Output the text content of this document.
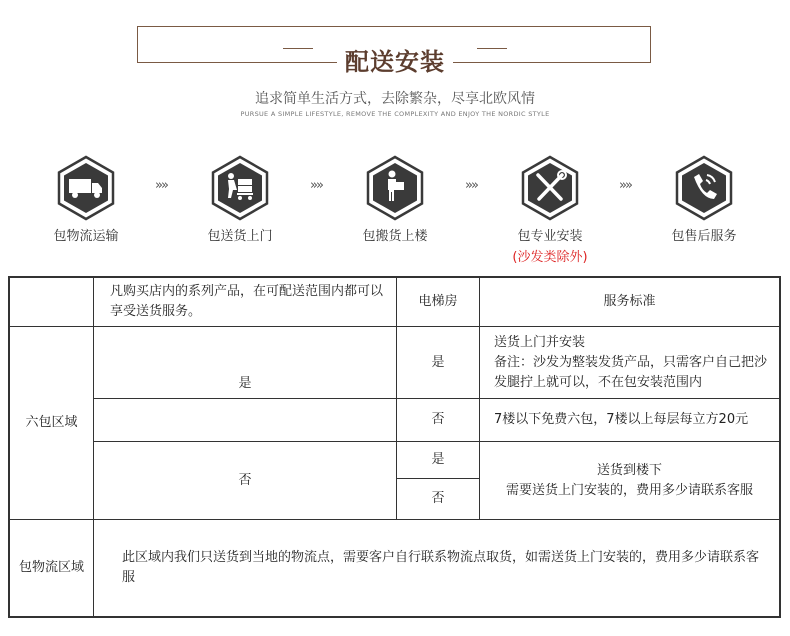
配送安装
追求简单生活方式，去除繁杂，尽享北欧风情
PURSUE A SIMPLE LIFESTYLE, REMOVE THE COMPLEXITY AND ENJOY THE NORDIC STYLE
包物流运输
»»
包送货上门
»»
包搬货上楼
»»
包专业安装
(沙发类除外)
»»
包售后服务
凡购买店内的系列产品，在可配送范围内都可以享受送货服务。
电梯房	服务标准
六包区域
是
是
送货上门并安装
备注：沙发为整装发货产品，只需客户自己把沙发腿拧上就可以，不在包安装范围内
否	7楼以下免费六包，7楼以上每层每立方20元
否
是
否
送货到楼下
需要送货上门安装的，费用多少请联系客服
包物流区域
此区域内我们只送货到当地的物流点，需要客户自行联系物流点取货，如需送货上门安装的，费用多少请联系客服
